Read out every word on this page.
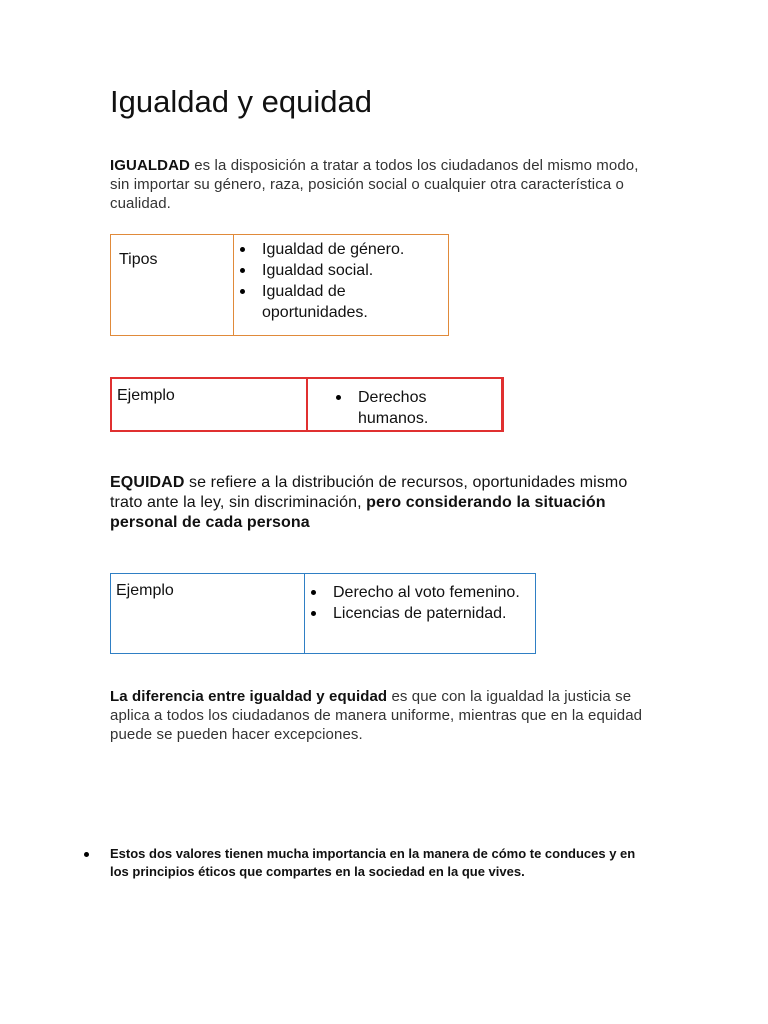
Igualdad y equidad

IGUALDAD es la disposición a tratar a todos los ciudadanos del mismo modo, sin importar su género, raza, posición social o cualquier otra característica o cualidad.

Tipos
Igualdad de género.
Igualdad social.
Igualdad de oportunidades.
Ejemplo	Derechos humanos.

EQUIDAD se refiere a la distribución de recursos, oportunidades mismo trato ante la ley, sin discriminación, pero considerando la situación personal de cada persona

Ejemplo	Derecho al voto femenino.
Licencias de paternidad.

La diferencia entre igualdad y equidad es que con la igualdad la justicia se aplica a todos los ciudadanos de manera uniforme, mientras que en la equidad puede se pueden hacer excepciones.

Estos dos valores tienen mucha importancia en la manera de cómo te conduces y en los principios éticos que compartes en la sociedad en la que vives.
